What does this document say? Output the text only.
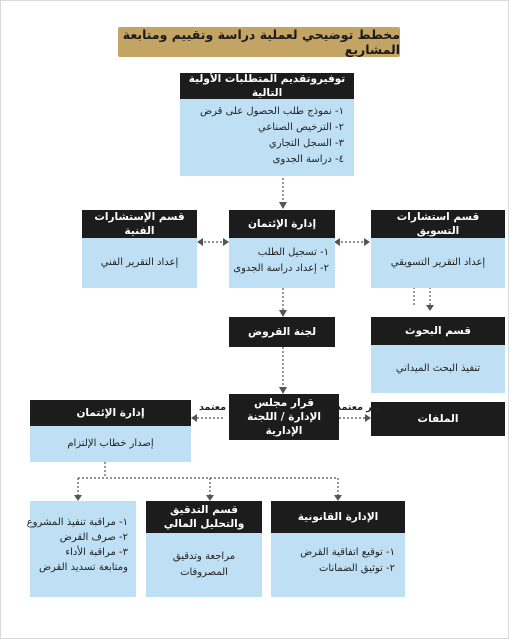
مخطط توضيحي لعملية دراسة وتقييم ومتابعة المشاريع
توفيروتقديم المتطلبات الأولية التالية
١- نموذج طلب الحصول على قرض
٢- الترخيص الصناعي
٣- السجل التجاري
٤- دراسة الجدوى
قسم استشارات التسويق
إعداد التقرير التسويقي
إدارة الإئتمان
١- تسجيل الطلب
٢- إعداد دراسة الجدوى
قسم الإستشارات الفنية
إعداد التقرير الفني
قسم البحوث
تنفيذ البحث الميداني
لجنة القروض
الملفات
قرار مجلس الإدارة / اللجنة الإدارية
غير معتمد
معتمد
إدارة الإئتمان
إصدار خطاب الإلتزام
الإدارة القانونية
١- توقيع اتفاقية القرض
٢- توثيق الضمانات
قسم التدقيق والتحليل المالي
مراجعة وتدقيق المصروفات
١- مراقبة تنفيذ المشروع
٢- صرف القرض
٣- مراقبة الأداء ومتابعة تسديد القرض
